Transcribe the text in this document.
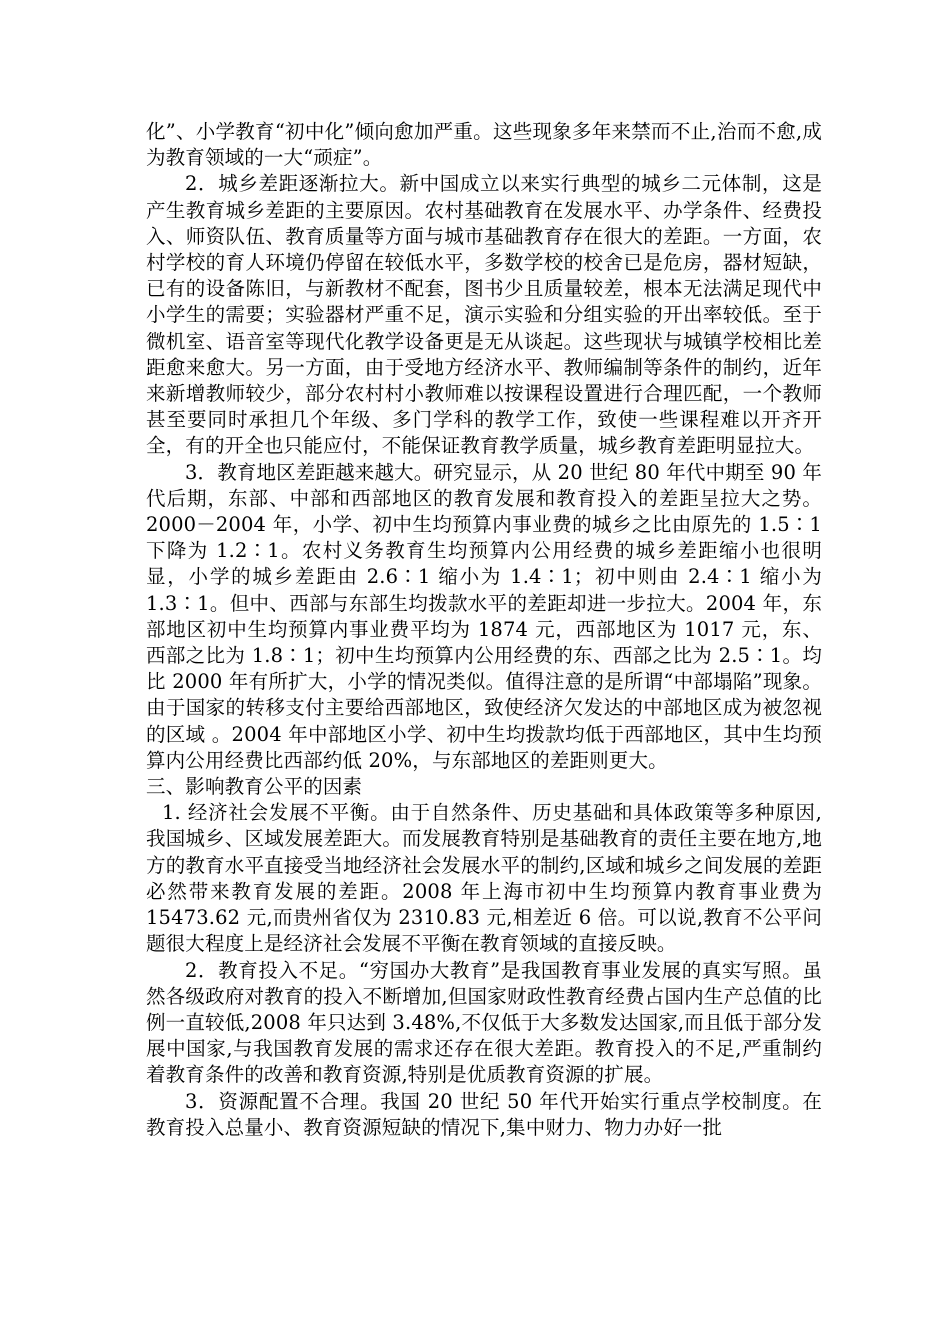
化”、小学教育“初中化”倾向愈加严重。这些现象多年来禁而不止,治而不愈,成为教育领域的一大“顽症”。

2．城乡差距逐渐拉大。新中国成立以来实行典型的城乡二元体制，这是产生教育城乡差距的主要原因。农村基础教育在发展水平、办学条件、经费投入、师资队伍、教育质量等方面与城市基础教育存在很大的差距。一方面，农村学校的育人环境仍停留在较低水平，多数学校的校舍已是危房，器材短缺，已有的设备陈旧，与新教材不配套，图书少且质量较差，根本无法满足现代中小学生的需要；实验器材严重不足，演示实验和分组实验的开出率较低。至于微机室、语音室等现代化教学设备更是无从谈起。这些现状与城镇学校相比差距愈来愈大。另一方面，由于受地方经济水平、教师编制等条件的制约，近年来新增教师较少，部分农村村小教师难以按课程设置进行合理匹配，一个教师甚至要同时承担几个年级、多门学科的教学工作，致使一些课程难以开齐开全，有的开全也只能应付，不能保证教育教学质量，城乡教育差距明显拉大。

3．教育地区差距越来越大。研究显示，从 20 世纪 80 年代中期至 90 年代后期，东部、中部和西部地区的教育发展和教育投入的差距呈拉大之势。2000－2004 年，小学、初中生均预算内事业费的城乡之比由原先的 1.5∶1 下降为 1.2∶1。农村义务教育生均预算内公用经费的城乡差距缩小也很明显，小学的城乡差距由 2.6∶1 缩小为 1.4∶1；初中则由 2.4∶1 缩小为 1.3∶1。但中、西部与东部生均拨款水平的差距却进一步拉大。2004 年，东部地区初中生均预算内事业费平均为 1874 元，西部地区为 1017 元，东、西部之比为 1.8∶1；初中生均预算内公用经费的东、西部之比为 2.5∶1。均比 2000 年有所扩大，小学的情况类似。值得注意的是所谓“中部塌陷”现象。由于国家的转移支付主要给西部地区，致使经济欠发达的中部地区成为被忽视的区域 。2004 年中部地区小学、初中生均拨款均低于西部地区，其中生均预算内公用经费比西部约低 20%，与东部地区的差距则更大。

三、影响教育公平的因素

1. 经济社会发展不平衡。由于自然条件、历史基础和具体政策等多种原因,我国城乡、区域发展差距大。而发展教育特别是基础教育的责任主要在地方,地方的教育水平直接受当地经济社会发展水平的制约,区域和城乡之间发展的差距必然带来教育发展的差距。2008 年上海市初中生均预算内教育事业费为 15473.62 元,而贵州省仅为 2310.83 元,相差近 6 倍。可以说,教育不公平问题很大程度上是经济社会发展不平衡在教育领域的直接反映。

2．教育投入不足。“穷国办大教育”是我国教育事业发展的真实写照。虽然各级政府对教育的投入不断增加,但国家财政性教育经费占国内生产总值的比例一直较低,2008 年只达到 3.48%,不仅低于大多数发达国家,而且低于部分发展中国家,与我国教育发展的需求还存在很大差距。教育投入的不足,严重制约着教育条件的改善和教育资源,特别是优质教育资源的扩展。

3．资源配置不合理。我国 20 世纪 50 年代开始实行重点学校制度。在教育投入总量小、教育资源短缺的情况下,集中财力、物力办好一批
